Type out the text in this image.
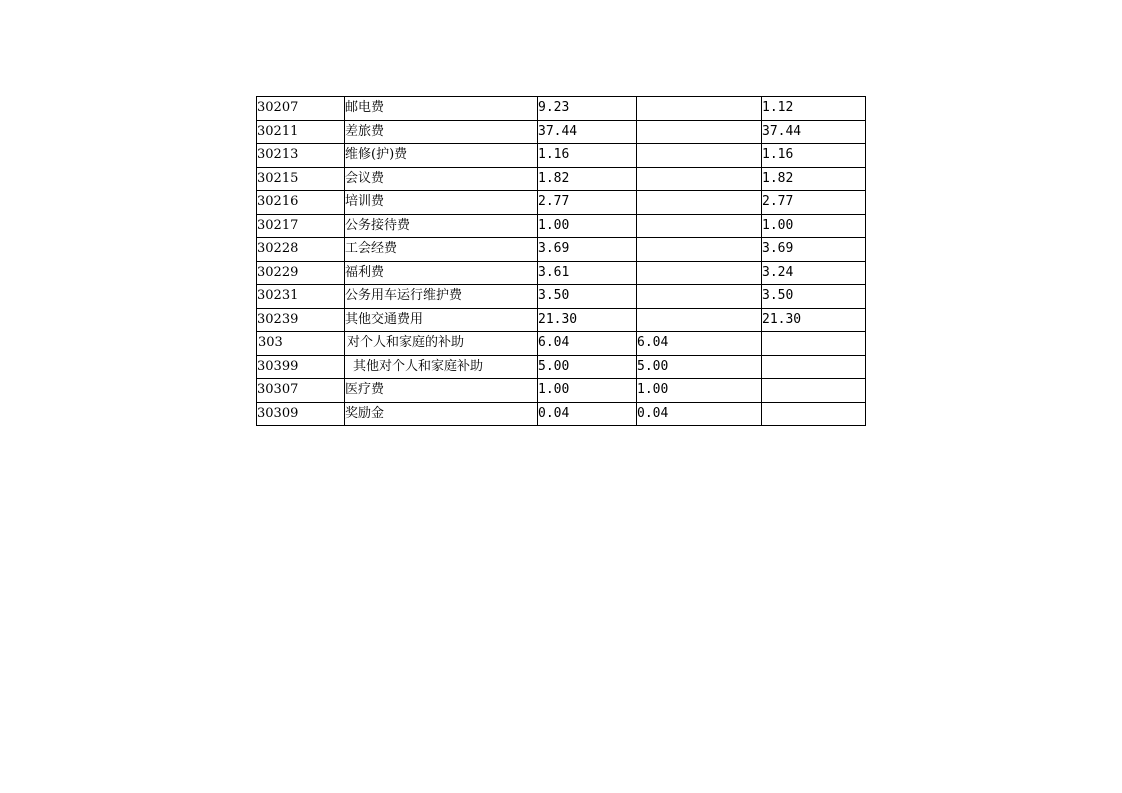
30207	邮电费	9.23		1.12
30211	差旅费	37.44		37.44
30213	维修(护)费	1.16		1.16
30215	会议费	1.82		1.82
30216	培训费	2.77		2.77
30217	公务接待费	1.00		1.00
30228	工会经费	3.69		3.69
30229	福利费	3.61		3.24
30231	公务用车运行维护费	3.50		3.50
30239	其他交通费用	21.30		21.30
303	对个人和家庭的补助	6.04	6.04	
30399	其他对个人和家庭补助	5.00	5.00	
30307	医疗费	1.00	1.00	
30309	奖励金	0.04	0.04	
